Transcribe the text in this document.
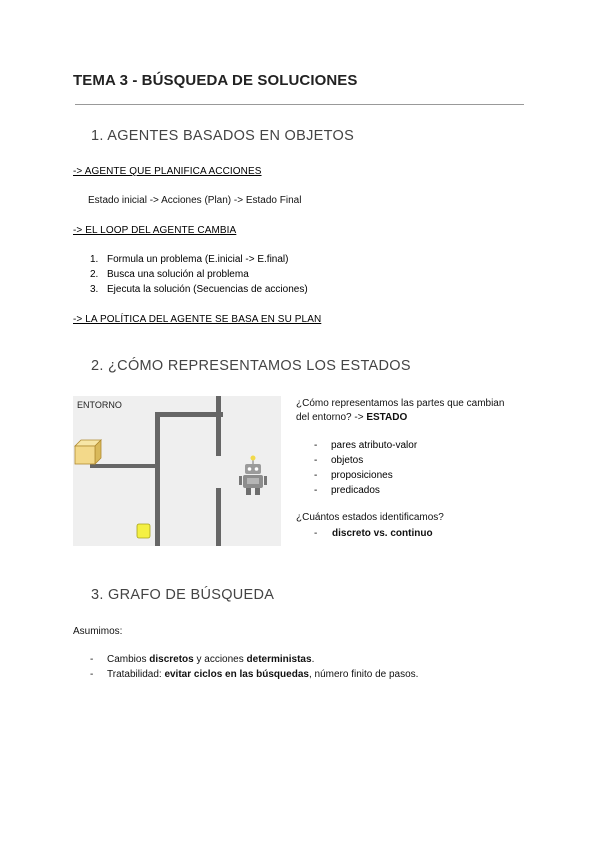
TEMA 3 - BÚSQUEDA DE SOLUCIONES
1. AGENTES BASADOS EN OBJETOS
-> AGENTE QUE PLANIFICA ACCIONES
Estado inicial -> Acciones (Plan) -> Estado Final
-> EL LOOP DEL AGENTE CAMBIA
1. Formula un problema (E.inicial -> E.final)
2. Busca una solución al problema
3. Ejecuta la solución (Secuencias de acciones)
-> LA POLÍTICA DEL AGENTE SE BASA EN SU PLAN
2. ¿CÓMO REPRESENTAMOS LOS ESTADOS
ENTORNO	¿Cómo representamos las partes que cambian
del entorno? -> ESTADO
- pares atributo-valor
- objetos
- proposiciones
- predicados
¿Cuántos estados identificamos?
- discreto vs. continuo
3. GRAFO DE BÚSQUEDA
Asumimos:
- Cambios discretos y acciones deterministas.
- Tratabilidad: evitar ciclos en las búsquedas, número finito de pasos.
